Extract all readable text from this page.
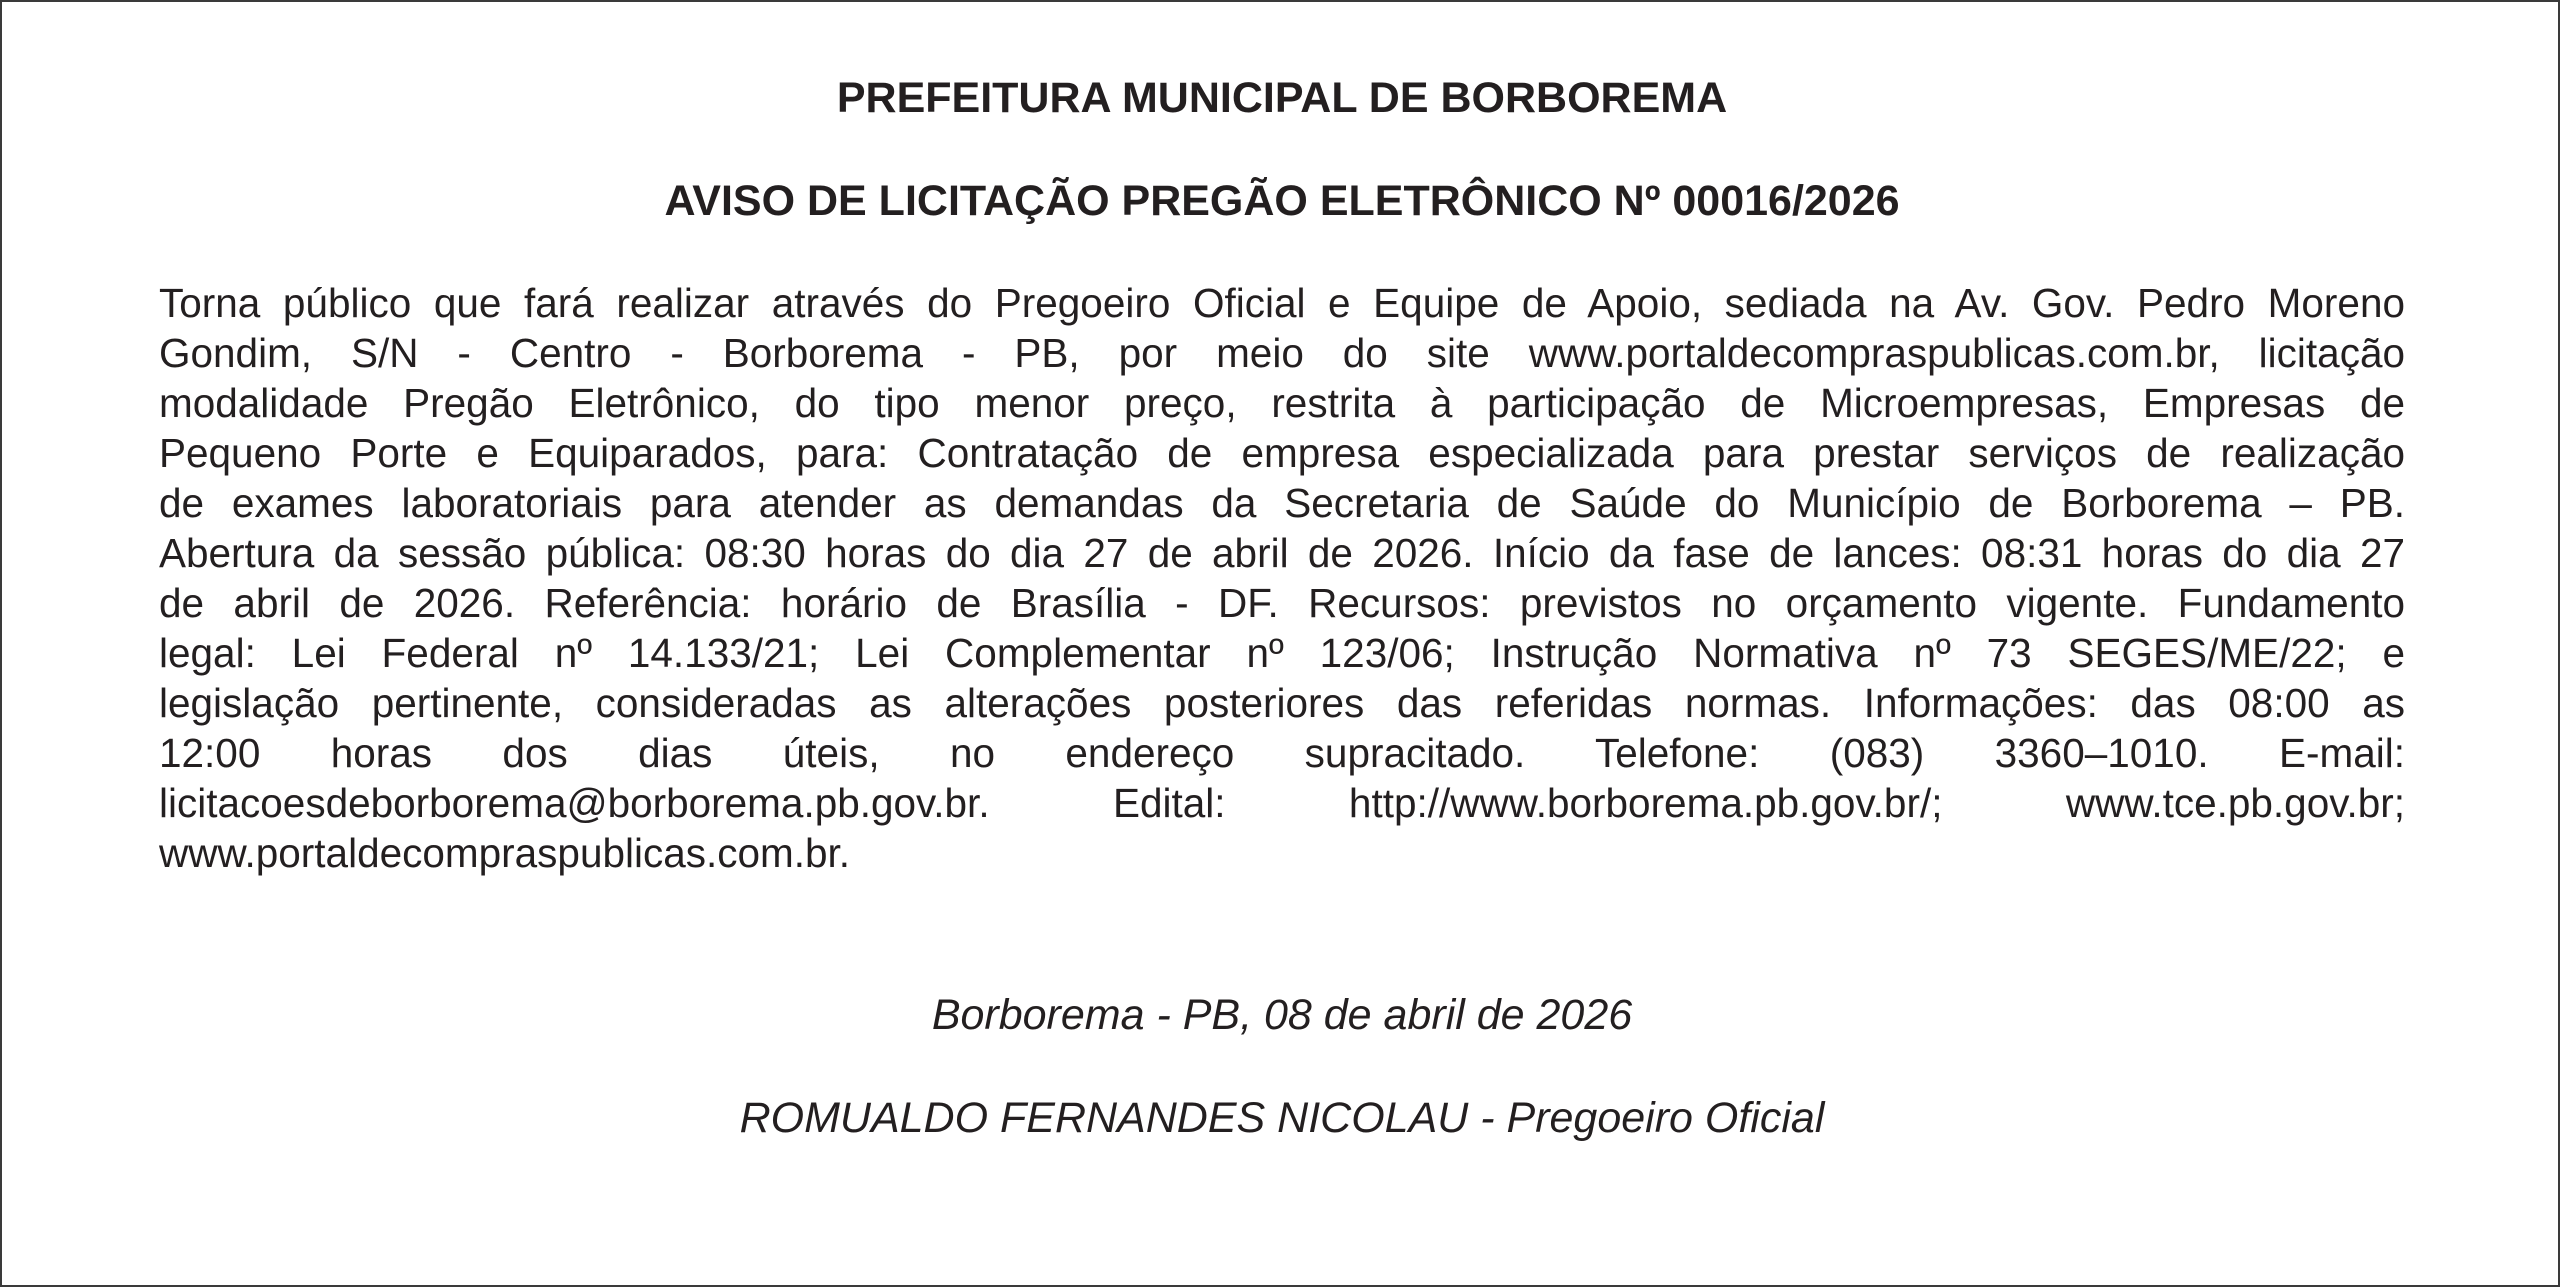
PREFEITURA MUNICIPAL DE BORBOREMA
AVISO DE LICITAÇÃO PREGÃO ELETRÔNICO Nº 00016/2026
Torna público que fará realizar através do Pregoeiro Oficial e Equipe de Apoio, sediada na Av. Gov. Pedro Moreno
Gondim, S/N - Centro - Borborema - PB, por meio do site www.portaldecompraspublicas.com.br, licitação
modalidade Pregão Eletrônico, do tipo menor preço, restrita à participação de Microempresas, Empresas de
Pequeno Porte e Equiparados, para: Contratação de empresa especializada para prestar serviços de realização
de exames laboratoriais para atender as demandas da Secretaria de Saúde do Município de Borborema – PB.
Abertura da sessão pública: 08:30 horas do dia 27 de abril de 2026. Início da fase de lances: 08:31 horas do dia 27
de abril de 2026. Referência: horário de Brasília - DF. Recursos: previstos no orçamento vigente. Fundamento
legal: Lei Federal nº 14.133/21; Lei Complementar nº 123/06; Instrução Normativa nº 73 SEGES/ME/22; e
legislação pertinente, consideradas as alterações posteriores das referidas normas. Informações: das 08:00 as
12:00 horas dos dias úteis, no endereço supracitado. Telefone: (083) 3360–1010. E-mail:
licitacoesdeborborema@borborema.pb.gov.br. Edital: http://www.borborema.pb.gov.br/; www.tce.pb.gov.br;
www.portaldecompraspublicas.com.br.

Borborema - PB, 08 de abril de 2026

ROMUALDO FERNANDES NICOLAU - Pregoeiro Oficial
